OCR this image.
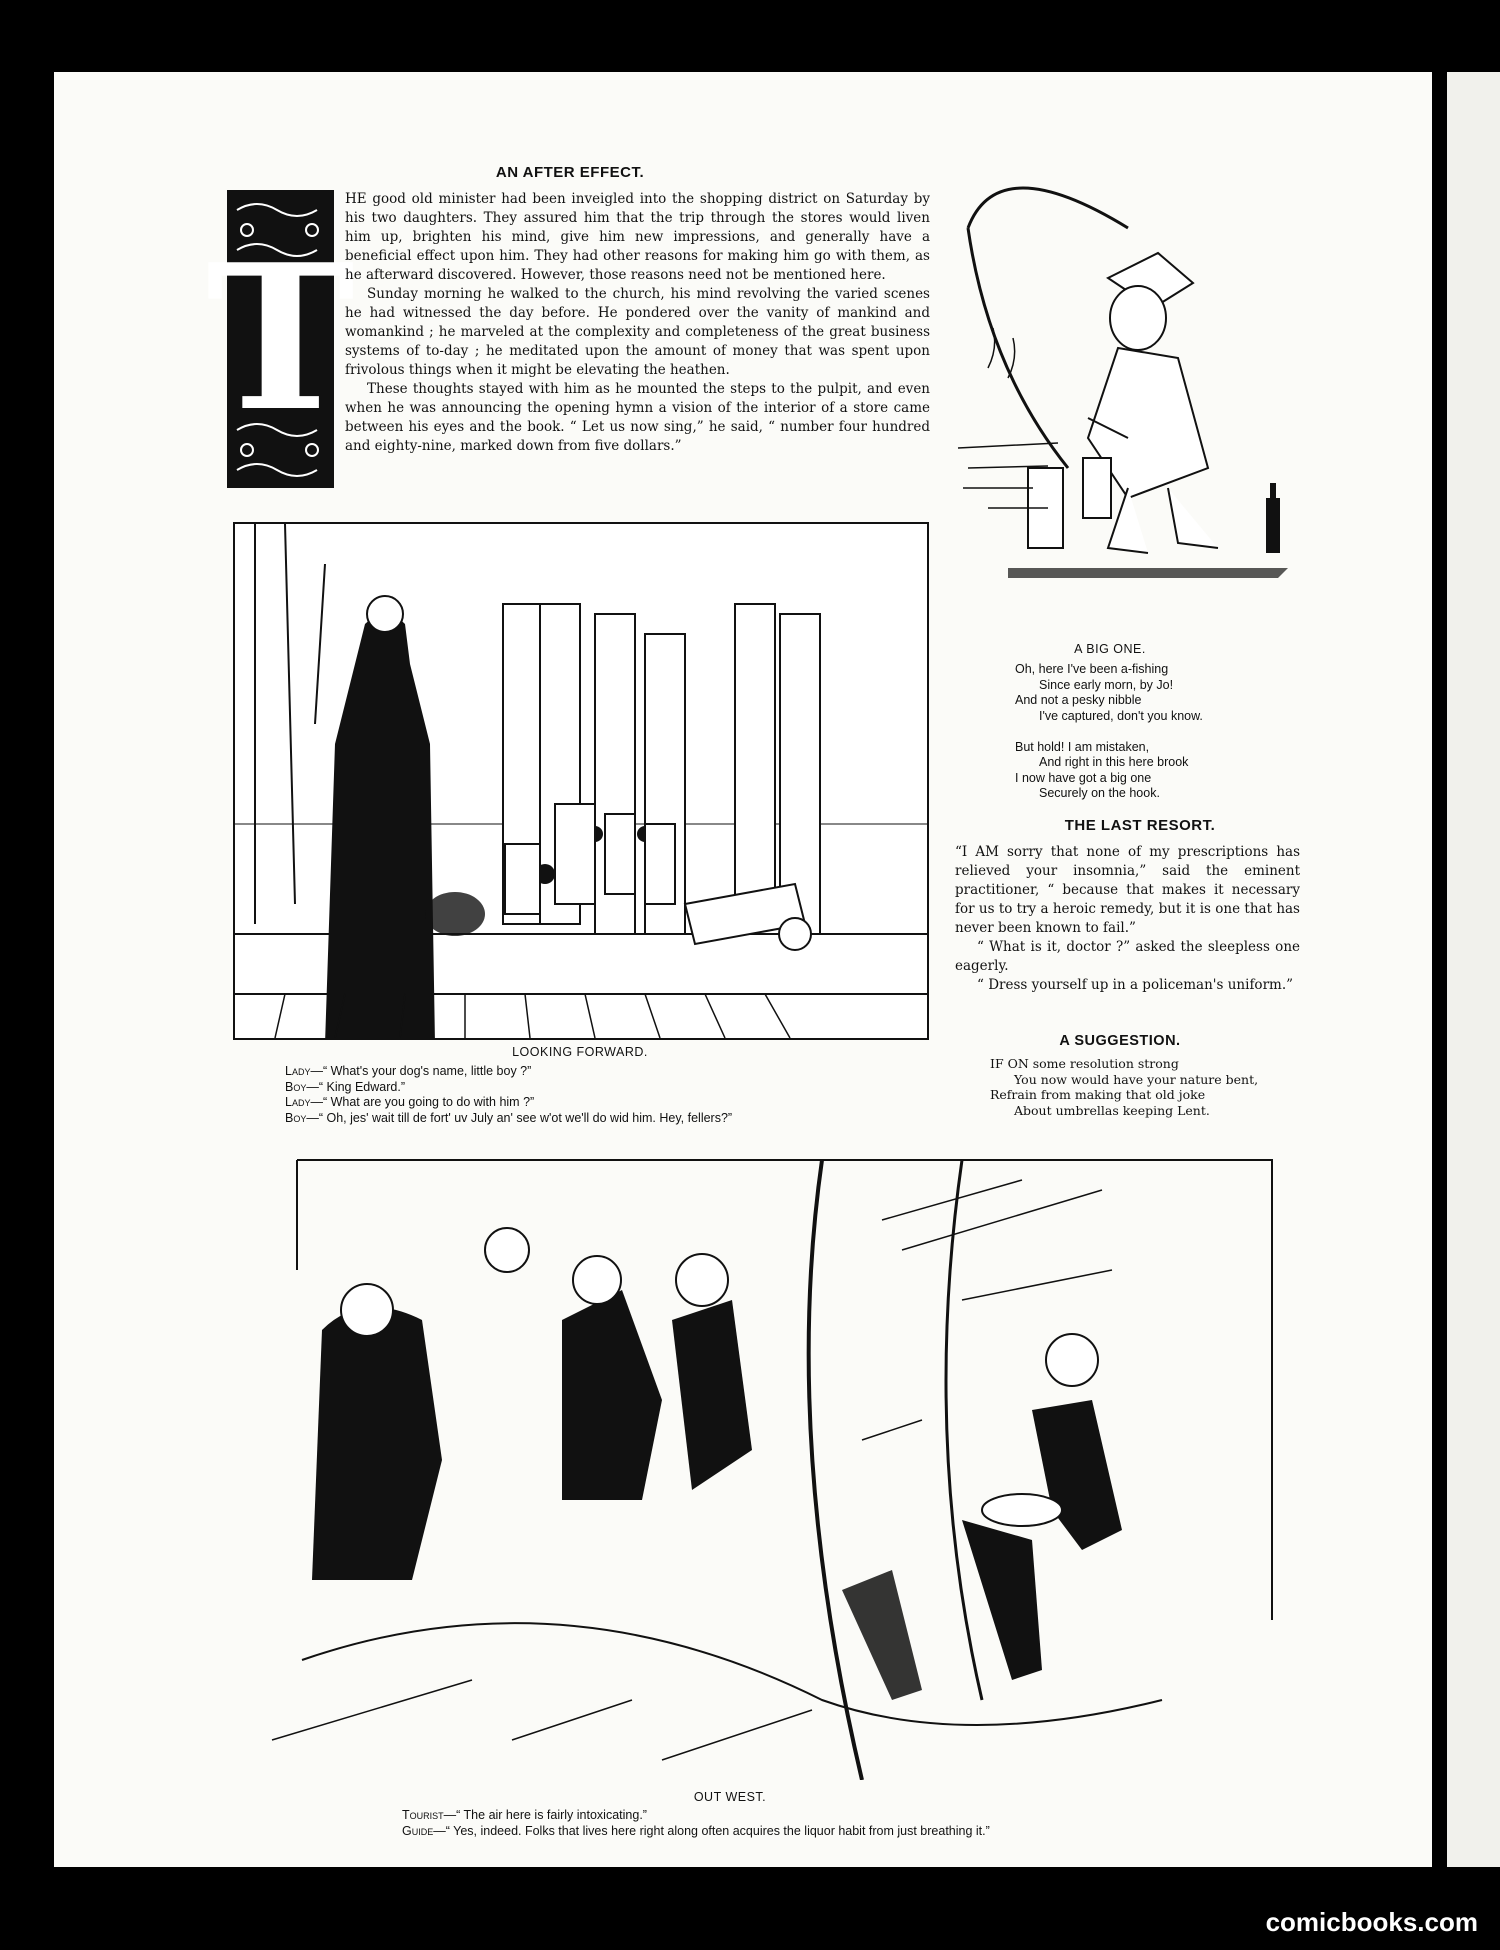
AN AFTER EFFECT.
T

HE good old minister had been inveigled into the shopping district on Saturday by his two daughters. They assured him that the trip through the stores would liven him up, brighten his mind, give him new impressions, and generally have a beneficial effect upon him. They had other reasons for making him go with them, as he afterward discovered. However, those reasons need not be mentioned here.

Sunday morning he walked to the church, his mind revolving the varied scenes he had witnessed the day before. He pondered over the vanity of mankind and womankind ; he marveled at the complexity and completeness of the great business systems of to-day ; he meditated upon the amount of money that was spent upon frivolous things when it might be elevating the heathen.

These thoughts stayed with him as he mounted the steps to the pulpit, and even when he was announcing the opening hymn a vision of the interior of a store came between his eyes and the book. “ Let us now sing,” he said, “ number four hundred and eighty-nine, marked down from five dollars.”

A BIG ONE.
Oh, here I've been a-fishing
Since early morn, by Jo!
And not a pesky nibble
I've captured, don't you know.

But hold! I am mistaken,
And right in this here brook
I now have got a big one
Securely on the hook.
LOOKING FORWARD.
Lady—“ What's your dog's name, little boy ?”
Boy—“ King Edward.”
Lady—“ What are you going to do with him ?”
Boy—“ Oh, jes' wait till de fort' uv July an' see w'ot we'll do wid him. Hey, fellers?”
THE LAST RESORT.

“I AM sorry that none of my prescriptions has relieved your insomnia,” said the eminent practitioner, “ because that makes it necessary for us to try a heroic remedy, but it is one that has never been known to fail.”

“ What is it, doctor ?” asked the sleepless one eagerly.

“ Dress yourself up in a policeman's uniform.”

A SUGGESTION.
IF ON some resolution strong
You now would have your nature bent,
Refrain from making that old joke
About umbrellas keeping Lent.
OUT WEST.
Tourist—“ The air here is fairly intoxicating.”
Guide—“ Yes, indeed. Folks that lives here right along often acquires the liquor habit from just breathing it.”
comicbooks.com
